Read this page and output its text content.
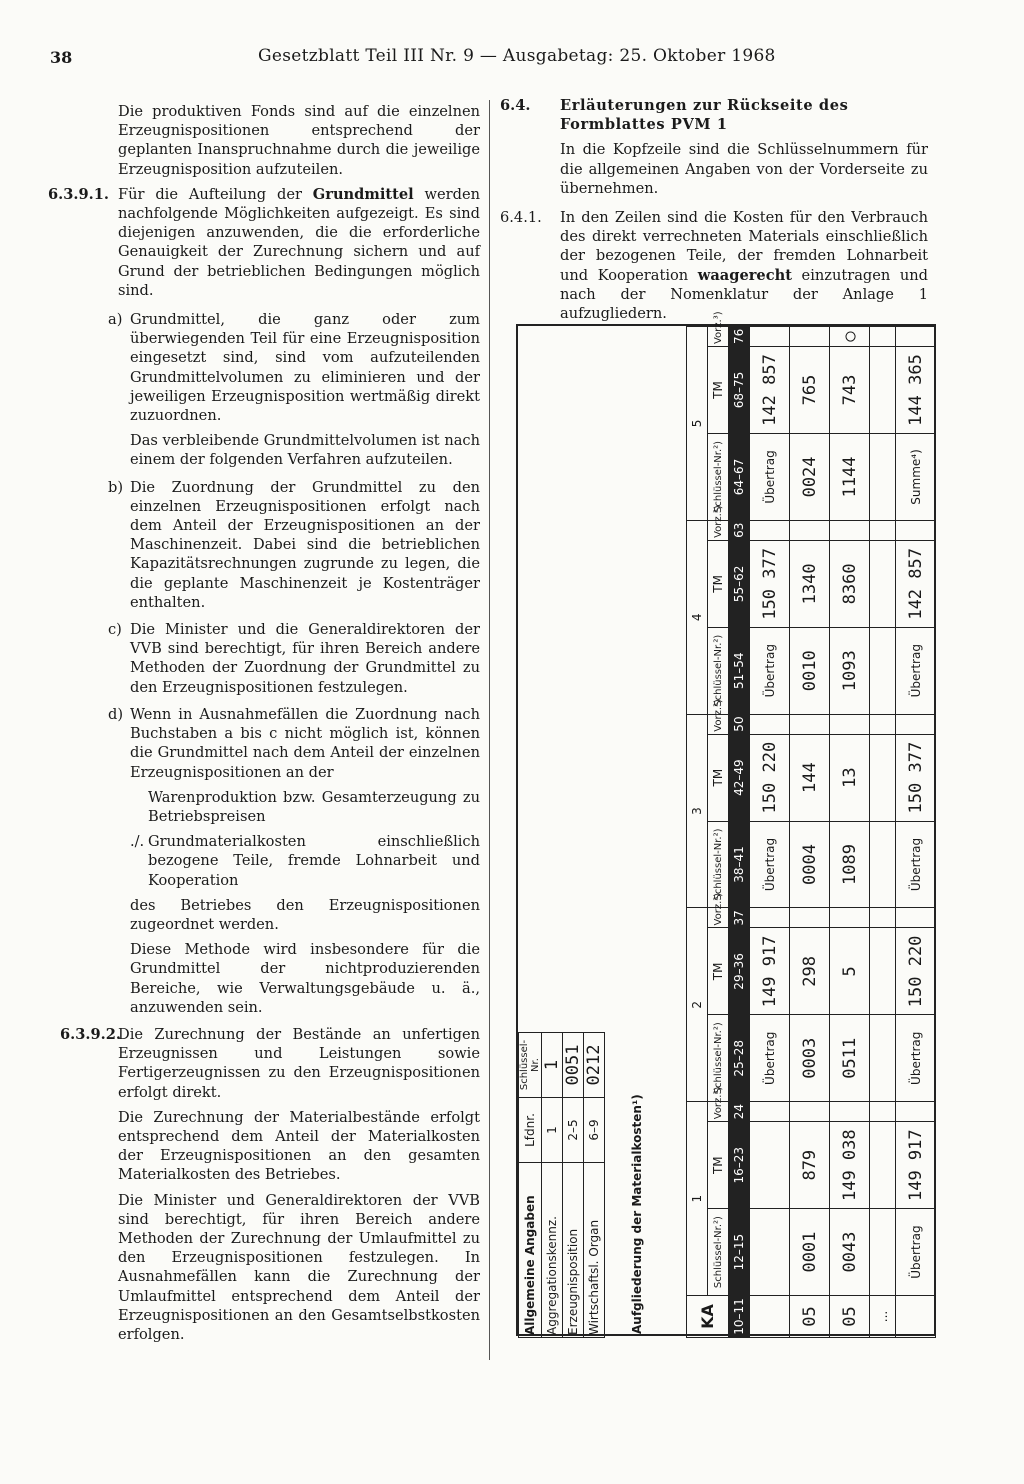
38	Gesetzblatt Teil III Nr. 9 — Ausgabetag: 25. Oktober 1968

Die produktiven Fonds sind auf die einzelnen Erzeugnispositionen entsprechend der geplanten Inanspruchnahme durch die jeweilige Erzeugnisposition aufzuteilen.

6.3.9.1. Für die Aufteilung der Grundmittel werden nachfolgende Möglichkeiten aufgezeigt. Es sind diejenigen anzuwenden, die die erforderliche Genauigkeit der Zurechnung sichern und auf Grund der betrieblichen Bedingungen möglich sind.

a) Grundmittel, die ganz oder zum überwiegenden Teil für eine Erzeugnisposition eingesetzt sind, sind vom aufzuteilenden Grundmittelvolumen zu eliminieren und der jeweiligen Erzeugnisposition wertmäßig direkt zuzuordnen.

Das verbleibende Grundmittelvolumen ist nach einem der folgenden Verfahren aufzuteilen.

b) Die Zuordnung der Grundmittel zu den einzelnen Erzeugnispositionen erfolgt nach dem Anteil der Erzeugnispositionen an der Maschinenzeit. Dabei sind die betrieblichen Kapazitätsrechnungen zugrunde zu legen, die die geplante Maschinenzeit je Kostenträger enthalten.

c) Die Minister und die Generaldirektoren der VVB sind berechtigt, für ihren Bereich andere Methoden der Zuordnung der Grundmittel zu den Erzeugnispositionen festzulegen.

d) Wenn in Ausnahmefällen die Zuordnung nach Buchstaben a bis c nicht möglich ist, können die Grundmittel nach dem Anteil der einzelnen Erzeugnispositionen an der

Warenproduktion bzw. Gesamterzeugung zu Betriebspreisen

./. Grundmaterialkosten einschließlich bezogene Teile, fremde Lohnarbeit und Kooperation

des Betriebes den Erzeugnispositionen zugeordnet werden.

Diese Methode wird insbesondere für die Grundmittel der nichtproduzierenden Bereiche, wie Verwaltungsgebäude u. ä., anzuwenden sein.

6.3.9.2.

Die Zurechnung der Bestände an unfertigen Erzeugnissen und Leistungen sowie Fertigerzeugnissen zu den Erzeugnispositionen erfolgt direkt.

Die Zurechnung der Materialbestände erfolgt entsprechend dem Anteil der Materialkosten der Erzeugnispositionen an den gesamten Materialkosten des Betriebes.

Die Minister und Generaldirektoren der VVB sind berechtigt, für ihren Bereich andere Methoden der Zurechnung der Umlaufmittel zu den Erzeugnispositionen festzulegen. In Ausnahmefällen kann die Zurechnung der Umlaufmittel entsprechend dem Anteil der Erzeugnispositionen an den Gesamtselbstkosten erfolgen.

6.4. Erläuterungen zur Rückseite des Formblattes PVM 1

In die Kopfzeile sind die Schlüsselnummern für die allgemeinen Angaben von der Vorderseite zu übernehmen.

6.4.1. In den Zeilen sind die Kosten für den Verbrauch des direkt verrechneten Materials einschließlich der bezogenen Teile, der fremden Lohnarbeit und Kooperation waagerecht einzutragen und nach der Nomenklatur der Anlage 1 aufzugliedern.

Allgemeine Angaben	Lfdnr.	Schlüssel-Nr.	
Aggregationskennz.	1	1	
Erzeugnisposition	2–5	0051	
Wirtschaftsl. Organ	6–9	0212	
Aufgliederung der Materialkosten¹)	KA	1			2			3			4			5		
	Schlüssel-Nr.²)	TM	Vorz.³)	Schlüssel-Nr.²)	TM	Vorz.³)	Schlüssel-Nr.²)	TM	Vorz.³)	Schlüssel-Nr.²)	TM	Vorz.³)	Schlüssel-Nr.²)	TM	Vorz.³)
10–11	12–15	16–23	24	25–28	29–36	37	38–41	42–49	50	51–54	55–62	63	64–67	68–75	76
				Übertrag	149 917		Übertrag	150 220		Übertrag	150 377		Übertrag	142 857	
05	0001	879		0003	298		0004	144		0010	1340		0024	765	
05	0043	149 038		0511	5		1089	13		1093	8360		1144	743	○
...															
	Übertrag	149 917		Übertrag	150 220		Übertrag	150 377		Übertrag	142 857		Summe⁴)	144 365	
